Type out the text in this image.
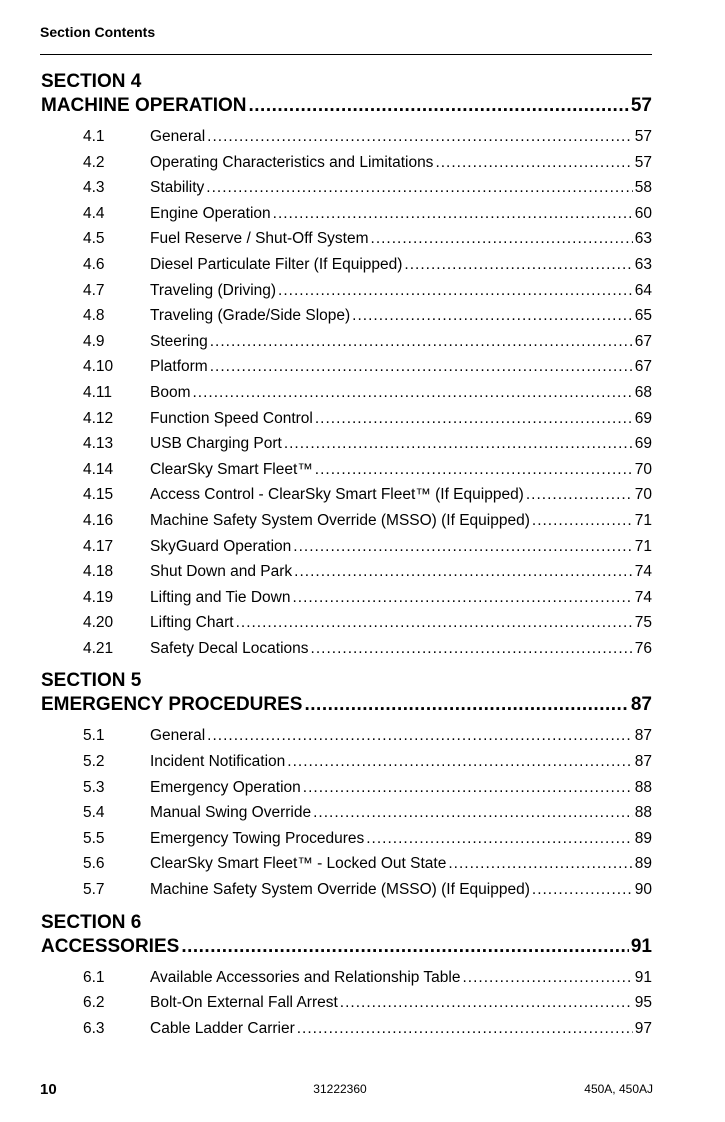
Section Contents
SECTION 4
MACHINE OPERATION .....	57
4.1	General .....	57
4.2	Operating Characteristics and Limitations .....	57
4.3	Stability .....	58
4.4	Engine Operation .....	60
4.5	Fuel Reserve / Shut-Off System .....	63
4.6	Diesel Particulate Filter (If Equipped) .....	63
4.7	Traveling (Driving) .....	64
4.8	Traveling (Grade/Side Slope) .....	65
4.9	Steering .....	67
4.10	Platform .....	67
4.11	Boom .....	68
4.12	Function Speed Control .....	69
4.13	USB Charging Port .....	69
4.14	ClearSky Smart Fleet™ .....	70
4.15	Access Control - ClearSky Smart Fleet™ (If Equipped) .....	70
4.16	Machine Safety System Override (MSSO) (If Equipped) .....	71
4.17	SkyGuard Operation .....	71
4.18	Shut Down and Park .....	74
4.19	Lifting and Tie Down .....	74
4.20	Lifting Chart .....	75
4.21	Safety Decal Locations .....	76
SECTION 5
EMERGENCY PROCEDURES .....	87
5.1	General .....	87
5.2	Incident Notification .....	87
5.3	Emergency Operation .....	88
5.4	Manual Swing Override .....	88
5.5	Emergency Towing Procedures .....	89
5.6	ClearSky Smart Fleet™ - Locked Out State .....	89
5.7	Machine Safety System Override (MSSO) (If Equipped) .....	90
SECTION 6
ACCESSORIES .....	91
6.1	Available Accessories and Relationship Table .....	91
6.2	Bolt-On External Fall Arrest .....	95
6.3	Cable Ladder Carrier .....	97
10	31222360	450A, 450AJ
